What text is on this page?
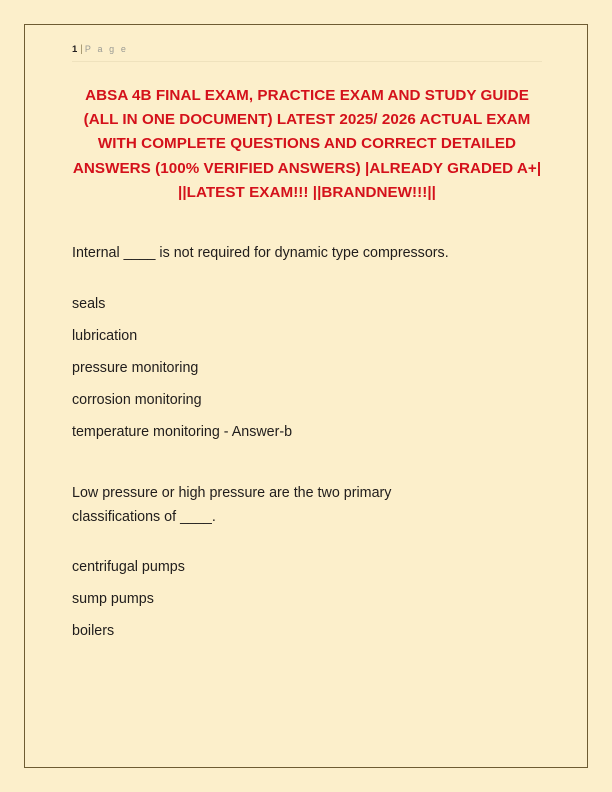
1 | P a g e
ABSA 4B FINAL EXAM, PRACTICE EXAM AND STUDY GUIDE (ALL IN ONE DOCUMENT) LATEST 2025/ 2026 ACTUAL EXAM WITH COMPLETE QUESTIONS AND CORRECT DETAILED ANSWERS (100% VERIFIED ANSWERS) |ALREADY GRADED A+| ||LATEST EXAM!!! ||BRANDNEW!!!||
Internal ____ is not required for dynamic type compressors.
seals
lubrication
pressure monitoring
corrosion monitoring
temperature monitoring - Answer-b
Low pressure or high pressure are the two primary classifications of ____.
centrifugal pumps
sump pumps
boilers
